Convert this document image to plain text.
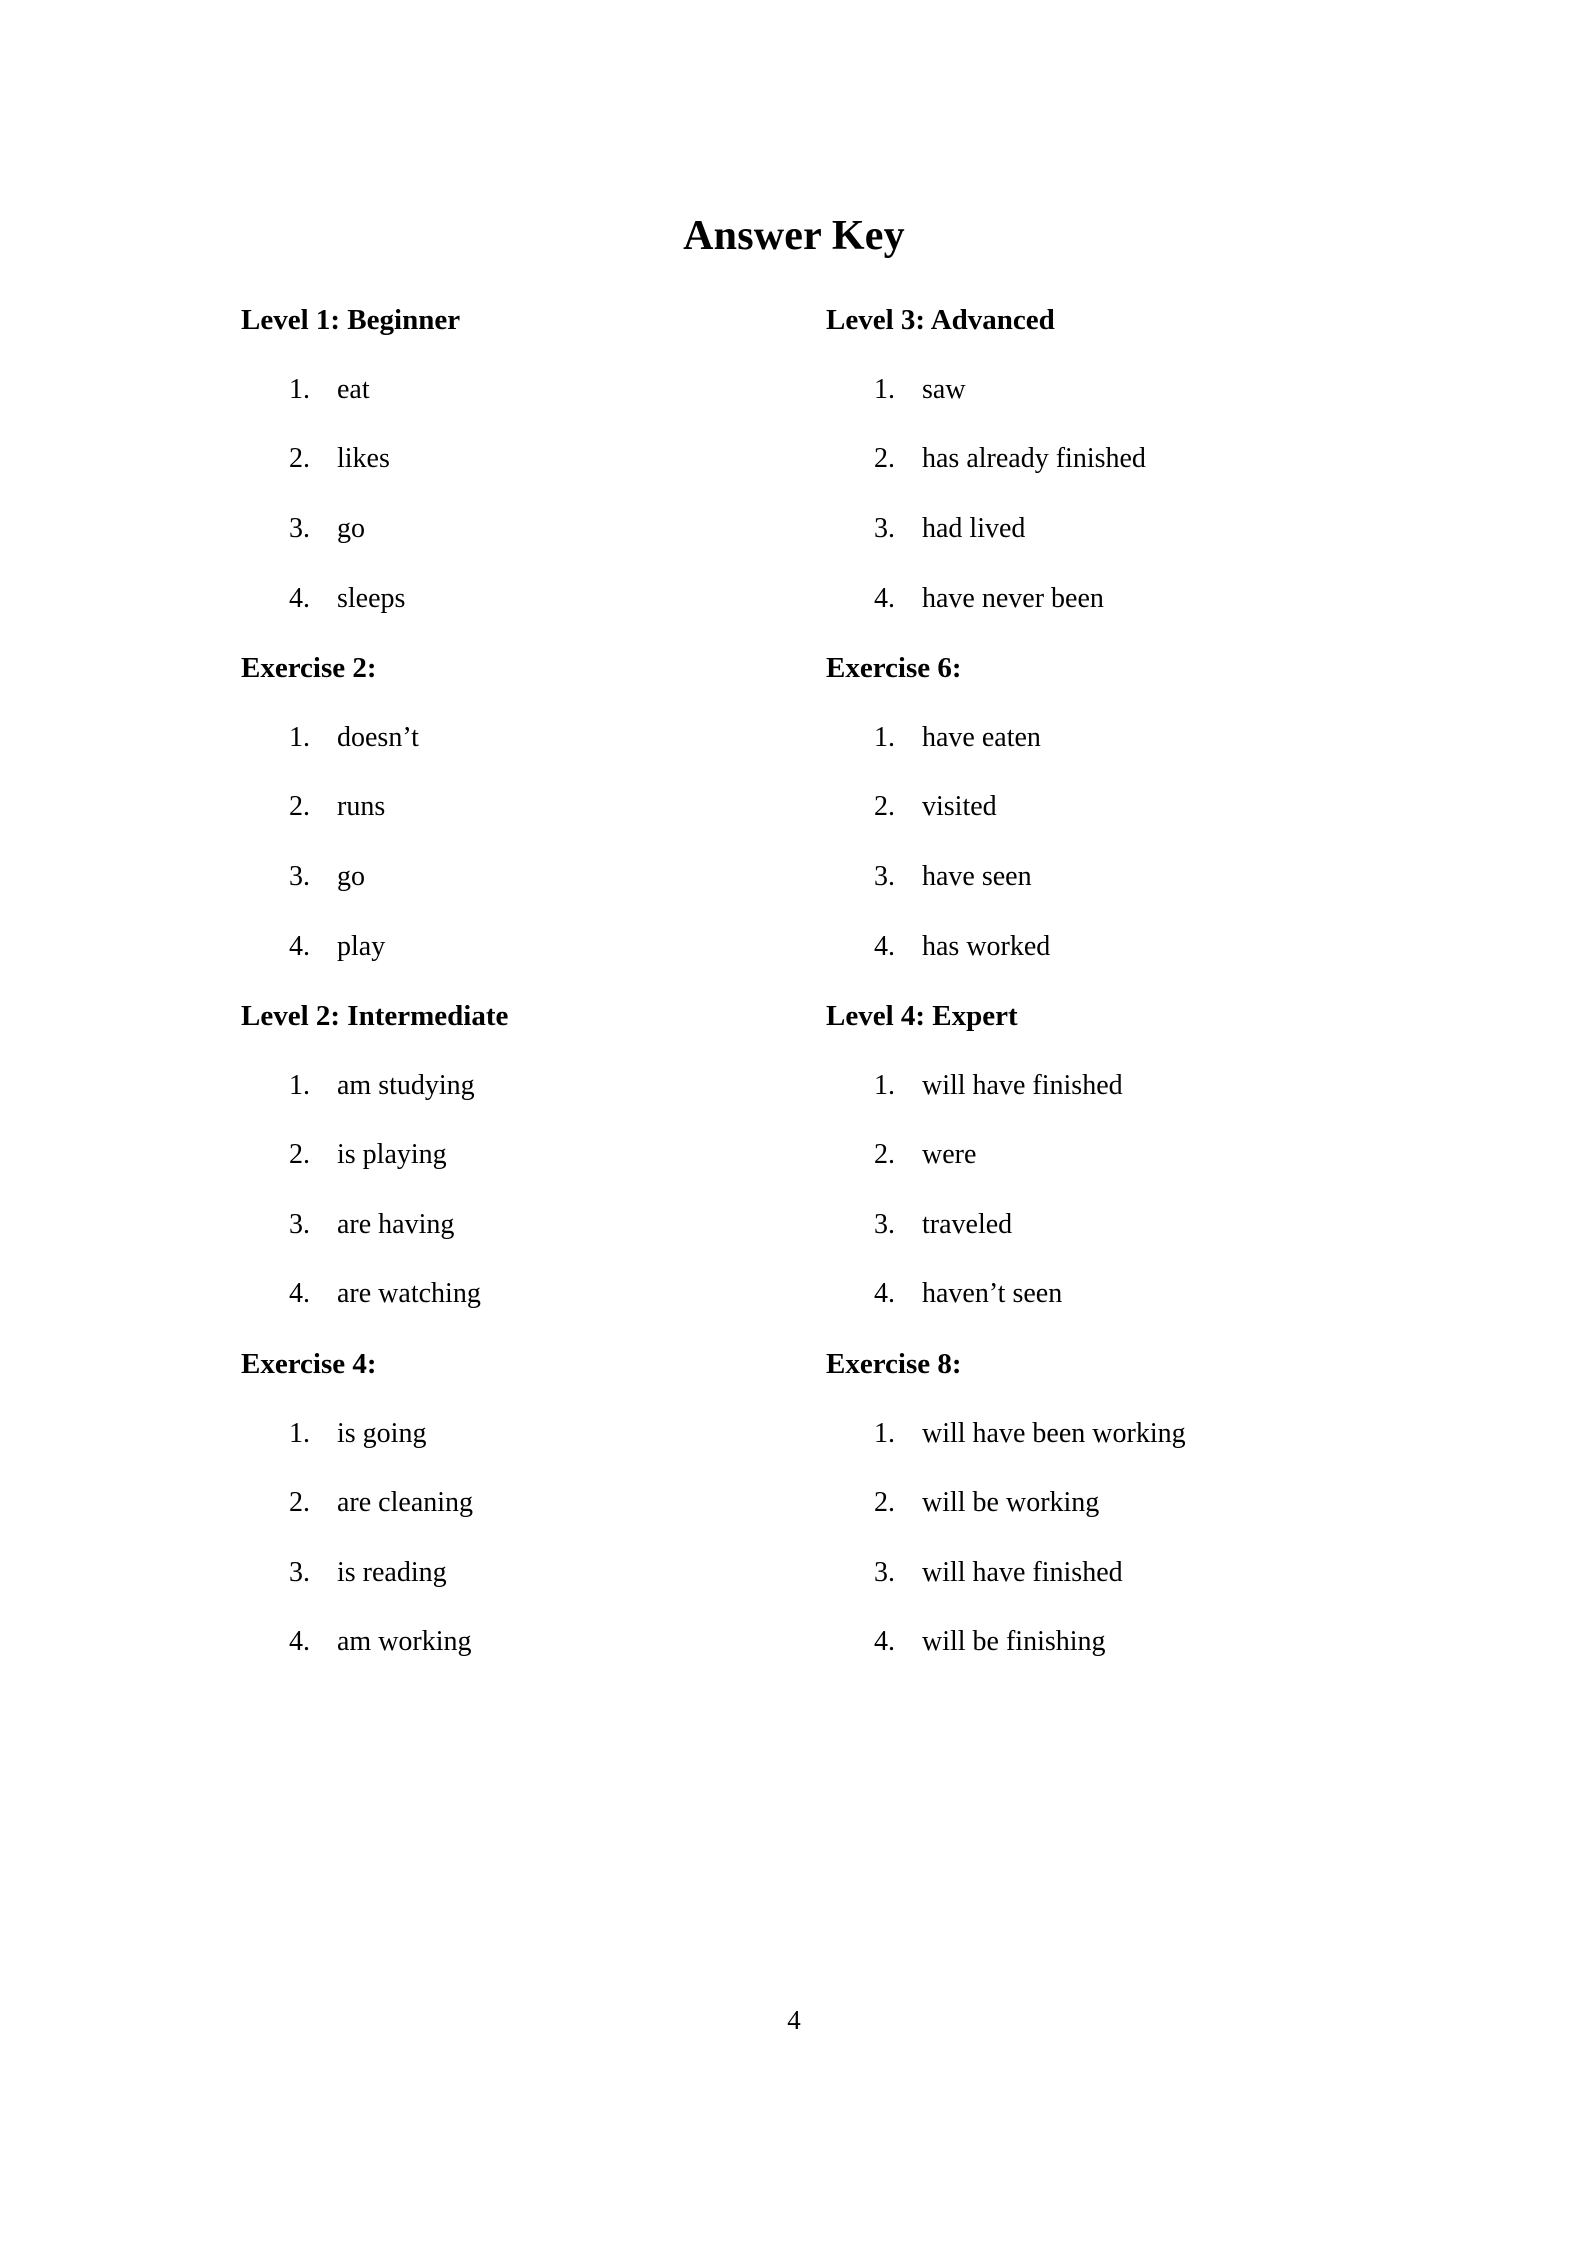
Answer Key
Level 1: Beginner
1. eat
2. likes
3. go
4. sleeps
Exercise 2:
1. doesn’t
2. runs
3. go
4. play
Level 2: Intermediate
1. am studying
2. is playing
3. are having
4. are watching
Exercise 4:
1. is going
2. are cleaning
3. is reading
4. am working
Level 3: Advanced
1. saw
2. has already finished
3. had lived
4. have never been
Exercise 6:
1. have eaten
2. visited
3. have seen
4. has worked
Level 4: Expert
1. will have finished
2. were
3. traveled
4. haven’t seen
Exercise 8:
1. will have been working
2. will be working
3. will have finished
4. will be finishing
4
